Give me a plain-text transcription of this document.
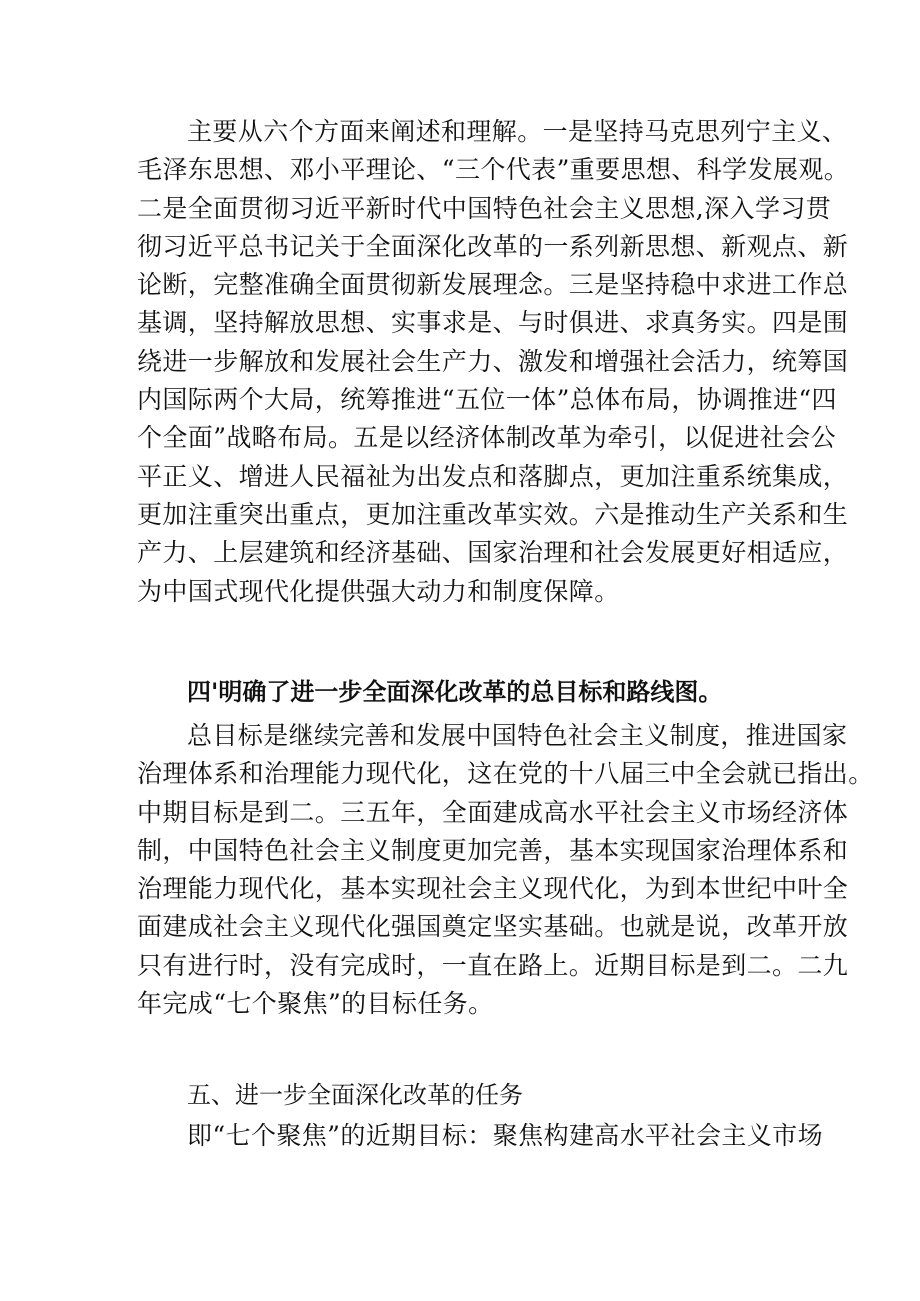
主要从六个方面来阐述和理解。一是坚持马克思列宁主义、
毛泽东思想、邓小平理论、“三个代表”重要思想、科学发展观。
二是全面贯彻习近平新时代中国特色社会主义思想,深入学习贯
彻习近平总书记关于全面深化改革的一系列新思想、新观点、新
论断，完整准确全面贯彻新发展理念。三是坚持稳中求进工作总
基调，坚持解放思想、实事求是、与时俱进、求真务实。四是围
绕进一步解放和发展社会生产力、激发和增强社会活力，统筹国
内国际两个大局，统筹推进“五位一体”总体布局，协调推进“四
个全面”战略布局。五是以经济体制改革为牵引，以促进社会公
平正义、增进人民福祉为出发点和落脚点，更加注重系统集成，
更加注重突出重点，更加注重改革实效。六是推动生产关系和生
产力、上层建筑和经济基础、国家治理和社会发展更好相适应，
为中国式现代化提供强大动力和制度保障。
四'明确了进一步全面深化改革的总目标和路线图。
总目标是继续完善和发展中国特色社会主义制度，推进国家
治理体系和治理能力现代化，这在党的十八届三中全会就已指出。
中期目标是到二。三五年，全面建成高水平社会主义市场经济体
制，中国特色社会主义制度更加完善，基本实现国家治理体系和
治理能力现代化，基本实现社会主义现代化，为到本世纪中叶全
面建成社会主义现代化强国奠定坚实基础。也就是说，改革开放
只有进行时，没有完成时，一直在路上。近期目标是到二。二九
年完成“七个聚焦”的目标任务。
五、进一步全面深化改革的任务
即“七个聚焦”的近期目标：聚焦构建高水平社会主义市场
